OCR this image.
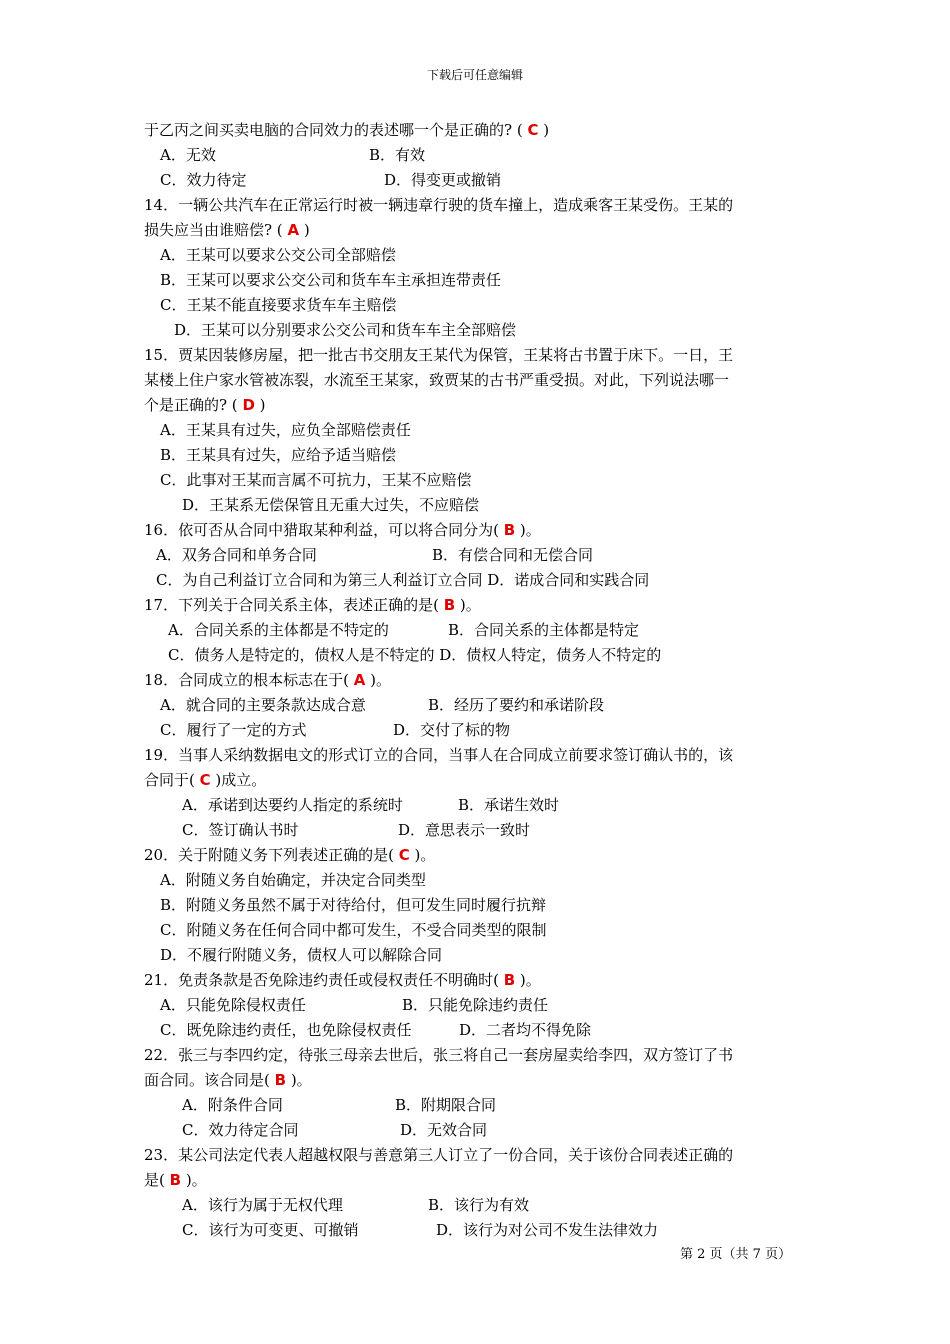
下载后可任意编辑
于乙丙之间买卖电脑的合同效力的表述哪一个是正确的? ( C )
A．无效	B．有效
C．效力待定	D．得变更或撤销
14．一辆公共汽车在正常运行时被一辆违章行驶的货车撞上，造成乘客王某受伤。王某的
损失应当由谁赔偿? ( A )
A．王某可以要求公交公司全部赔偿
B．王某可以要求公交公司和货车车主承担连带责任
C．王某不能直接要求货车车主赔偿
D．王某可以分别要求公交公司和货车车主全部赔偿
15．贾某因装修房屋，把一批古书交朋友王某代为保管，王某将古书置于床下。一日，王
某楼上住户家水管被冻裂，水流至王某家，致贾某的古书严重受损。对此，下列说法哪一
个是正确的? ( D )
A．王某具有过失，应负全部赔偿责任
B．王某具有过失，应给予适当赔偿
C．此事对王某而言属不可抗力，王某不应赔偿
D．王某系无偿保管且无重大过失，不应赔偿
16．依可否从合同中猎取某种利益，可以将合同分为( B )。
A．双务合同和单务合同	B．有偿合同和无偿合同
C．为自己利益订立合同和为第三人利益订立合同 D．诺成合同和实践合同
17．下列关于合同关系主体，表述正确的是( B )。
A．合同关系的主体都是不特定的	B．合同关系的主体都是特定
C．债务人是特定的，债权人是不特定的 D．债权人特定，债务人不特定的
18．合同成立的根本标志在于( A )。
A．就合同的主要条款达成合意	B．经历了要约和承诺阶段
C．履行了一定的方式	D．交付了标的物
19．当事人采纳数据电文的形式订立的合同，当事人在合同成立前要求签订确认书的，该
合同于( C )成立。
A．承诺到达要约人指定的系统时	B．承诺生效时
C．签订确认书时	D．意思表示一致时
20．关于附随义务下列表述正确的是( C )。
A．附随义务自始确定，并决定合同类型
B．附随义务虽然不属于对待给付，但可发生同时履行抗辩
C．附随义务在任何合同中都可发生，不受合同类型的限制
D．不履行附随义务，债权人可以解除合同
21．免责条款是否免除违约责任或侵权责任不明确时( B )。
A．只能免除侵权责任	B．只能免除违约责任
C．既免除违约责任，也免除侵权责任	D．二者均不得免除
22．张三与李四约定，待张三母亲去世后，张三将自己一套房屋卖给李四，双方签订了书
面合同。该合同是( B )。
A．附条件合同	B．附期限合同
C．效力待定合同	D．无效合同
23．某公司法定代表人超越权限与善意第三人订立了一份合同，关于该份合同表述正确的
是( B )。
A．该行为属于无权代理	B．该行为有效
C．该行为可变更、可撤销	D．该行为对公司不发生法律效力
第 2 页（共 7 页）
